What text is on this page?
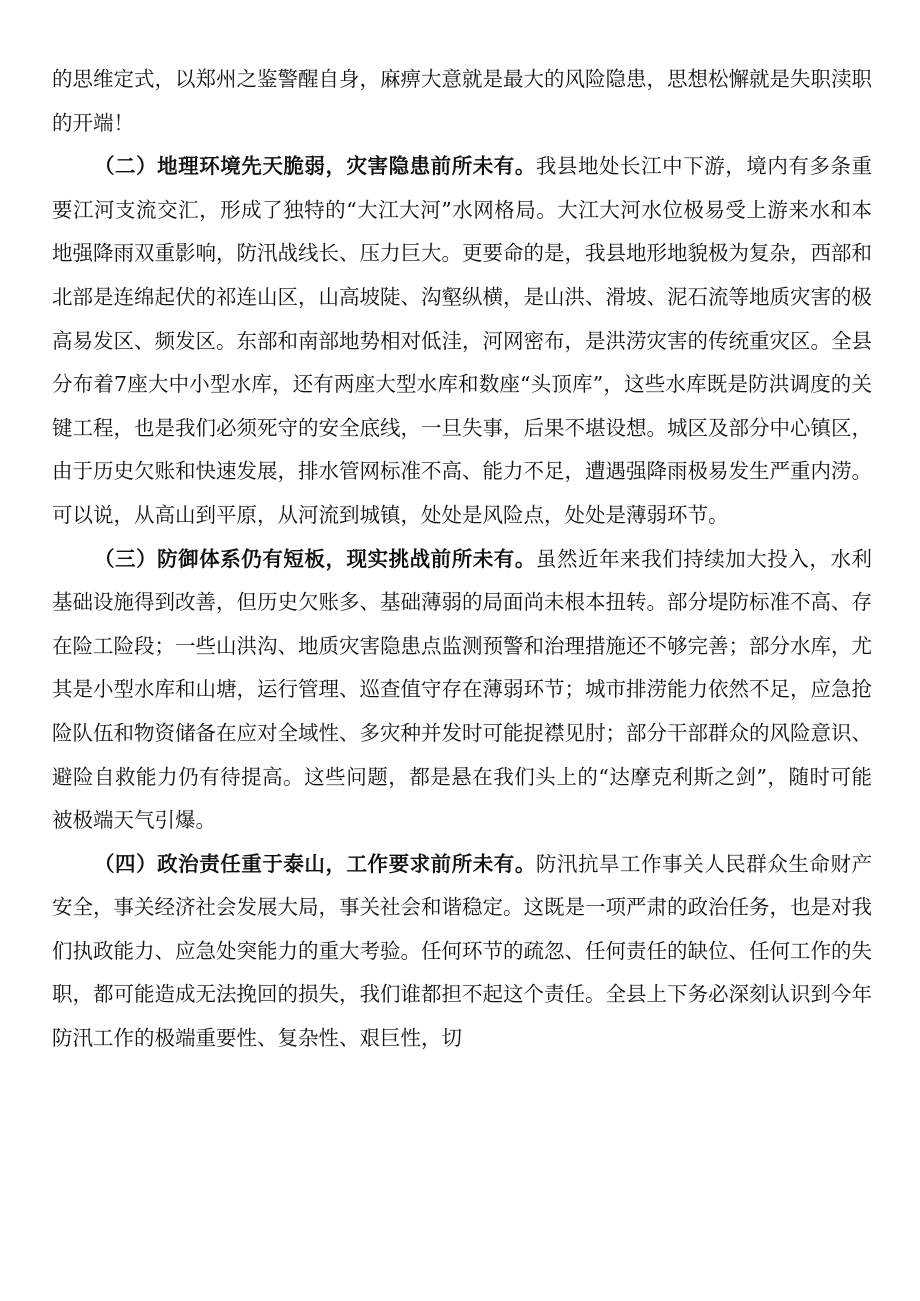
的思维定式，以郑州之鉴警醒自身，麻痹大意就是最大的风险隐患，思想松懈就是失职渎职的开端！

（二）地理环境先天脆弱，灾害隐患前所未有。我县地处长江中下游，境内有多条重要江河支流交汇，形成了独特的“大江大河”水网格局。大江大河水位极易受上游来水和本地强降雨双重影响，防汛战线长、压力巨大。更要命的是，我县地形地貌极为复杂，西部和北部是连绵起伏的祁连山区，山高坡陡、沟壑纵横，是山洪、滑坡、泥石流等地质灾害的极高易发区、频发区。东部和南部地势相对低洼，河网密布，是洪涝灾害的传统重灾区。全县分布着7座大中小型水库，还有两座大型水库和数座“头顶库”，这些水库既是防洪调度的关键工程，也是我们必须死守的安全底线，一旦失事，后果不堪设想。城区及部分中心镇区，由于历史欠账和快速发展，排水管网标准不高、能力不足，遭遇强降雨极易发生严重内涝。可以说，从高山到平原，从河流到城镇，处处是风险点，处处是薄弱环节。

（三）防御体系仍有短板，现实挑战前所未有。虽然近年来我们持续加大投入，水利基础设施得到改善，但历史欠账多、基础薄弱的局面尚未根本扭转。部分堤防标准不高、存在险工险段；一些山洪沟、地质灾害隐患点监测预警和治理措施还不够完善；部分水库，尤其是小型水库和山塘，运行管理、巡查值守存在薄弱环节；城市排涝能力依然不足，应急抢险队伍和物资储备在应对全域性、多灾种并发时可能捉襟见肘；部分干部群众的风险意识、避险自救能力仍有待提高。这些问题，都是悬在我们头上的“达摩克利斯之剑”，随时可能被极端天气引爆。

（四）政治责任重于泰山，工作要求前所未有。防汛抗旱工作事关人民群众生命财产安全，事关经济社会发展大局，事关社会和谐稳定。这既是一项严肃的政治任务，也是对我们执政能力、应急处突能力的重大考验。任何环节的疏忽、任何责任的缺位、任何工作的失职，都可能造成无法挽回的损失，我们谁都担不起这个责任。全县上下务必深刻认识到今年防汛工作的极端重要性、复杂性、艰巨性，切
